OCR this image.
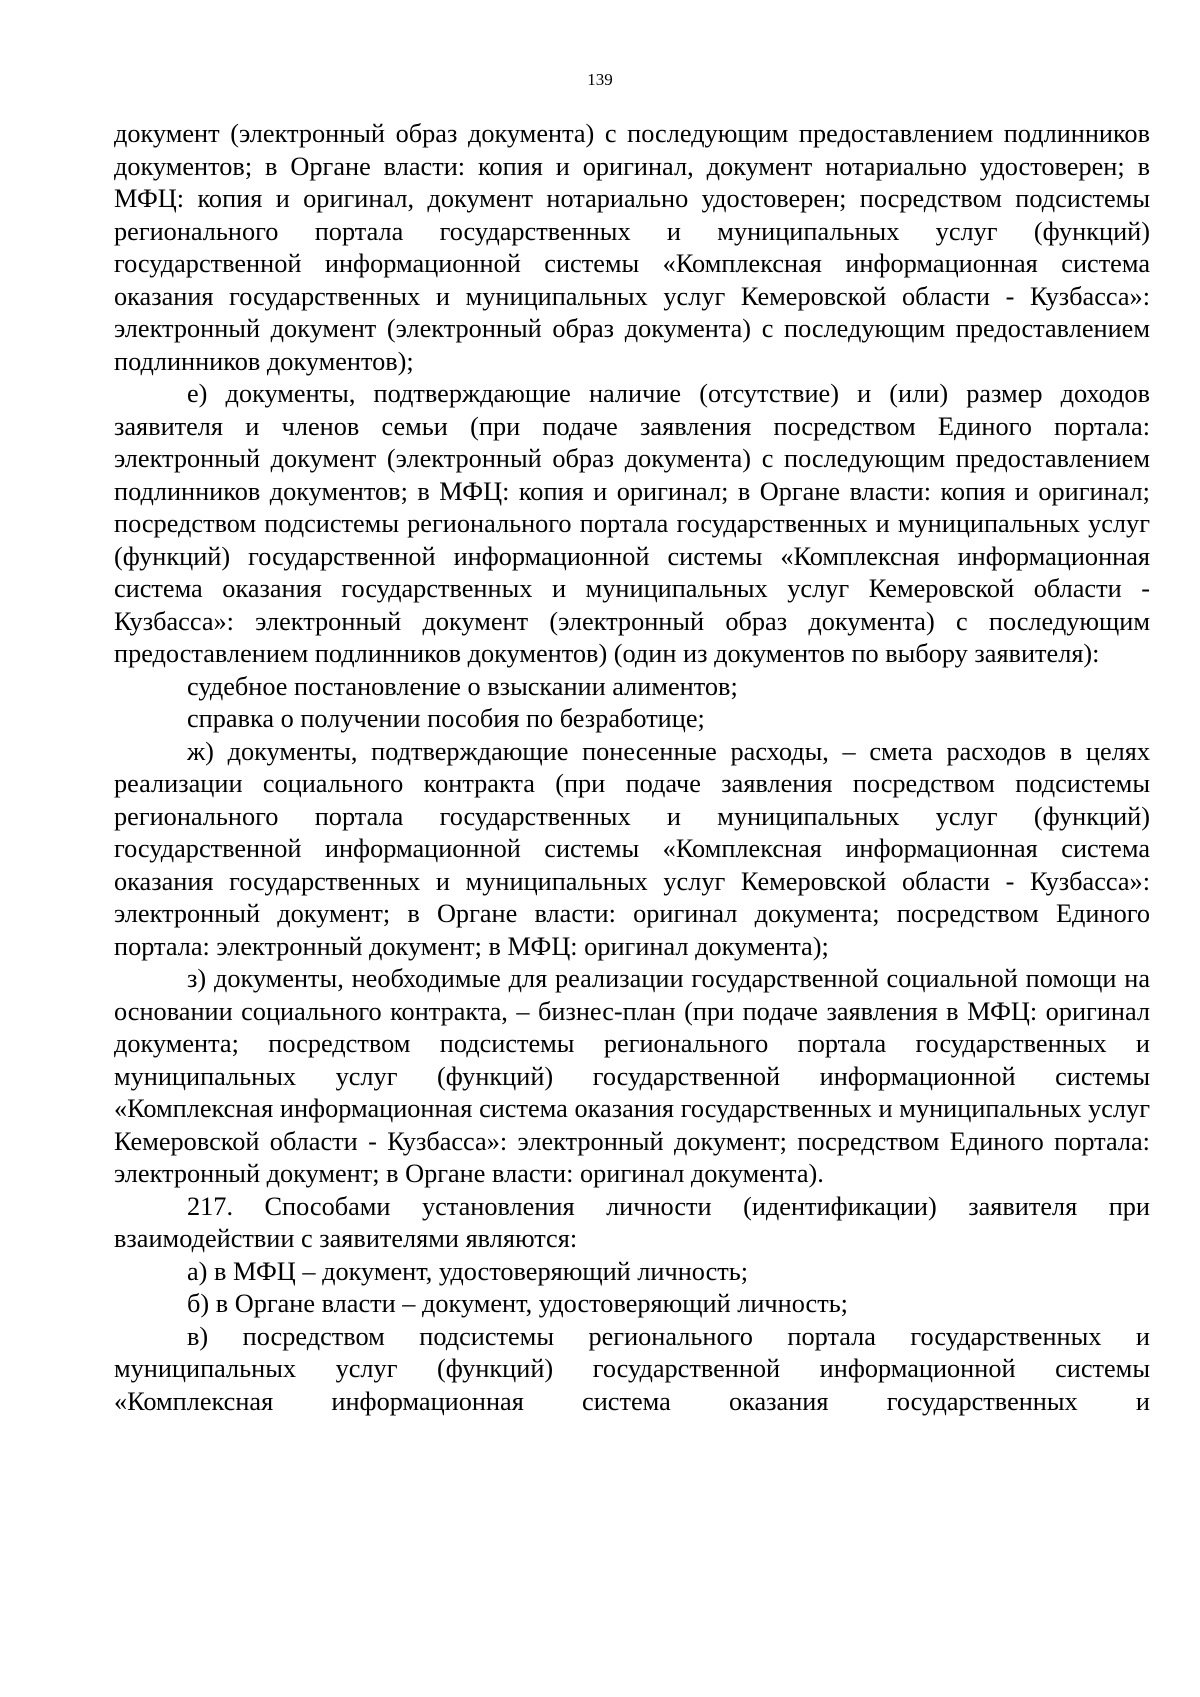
139

документ (электронный образ документа) с последующим предоставлением подлинников документов; в Органе власти: копия и оригинал, документ нотариально удостоверен; в МФЦ: копия и оригинал, документ нотариально удостоверен; посредством подсистемы регионального портала государственных и муниципальных услуг (функций) государственной информационной системы «Комплексная информационная система оказания государственных и муниципальных услуг Кемеровской области - Кузбасса»: электронный документ (электронный образ документа) с последующим предоставлением подлинников документов);

е) документы, подтверждающие наличие (отсутствие) и (или) размер доходов заявителя и членов семьи (при подаче заявления посредством Единого портала: электронный документ (электронный образ документа) с последующим предоставлением подлинников документов; в МФЦ: копия и оригинал; в Органе власти: копия и оригинал; посредством подсистемы регионального портала государственных и муниципальных услуг (функций) государственной информационной системы «Комплексная информационная система оказания государственных и муниципальных услуг Кемеровской области - Кузбасса»: электронный документ (электронный образ документа) с последующим предоставлением подлинников документов) (один из документов по выбору заявителя):

судебное постановление о взыскании алиментов;

справка о получении пособия по безработице;

ж) документы, подтверждающие понесенные расходы, – смета расходов в целях реализации социального контракта (при подаче заявления посредством подсистемы регионального портала государственных и муниципальных услуг (функций) государственной информационной системы «Комплексная информационная система оказания государственных и муниципальных услуг Кемеровской области - Кузбасса»: электронный документ; в Органе власти: оригинал документа; посредством Единого портала: электронный документ; в МФЦ: оригинал документа);

з) документы, необходимые для реализации государственной социальной помощи на основании социального контракта, – бизнес-план (при подаче заявления в МФЦ: оригинал документа; посредством подсистемы регионального портала государственных и муниципальных услуг (функций) государственной информационной системы «Комплексная информационная система оказания государственных и муниципальных услуг Кемеровской области - Кузбасса»: электронный документ; посредством Единого портала: электронный документ; в Органе власти: оригинал документа).

217. Способами установления личности (идентификации) заявителя при взаимодействии с заявителями являются:

а) в МФЦ – документ, удостоверяющий личность;

б) в Органе власти – документ, удостоверяющий личность;

в) посредством подсистемы регионального портала государственных и муниципальных услуг (функций) государственной информационной системы «Комплексная информационная система оказания государственных и
